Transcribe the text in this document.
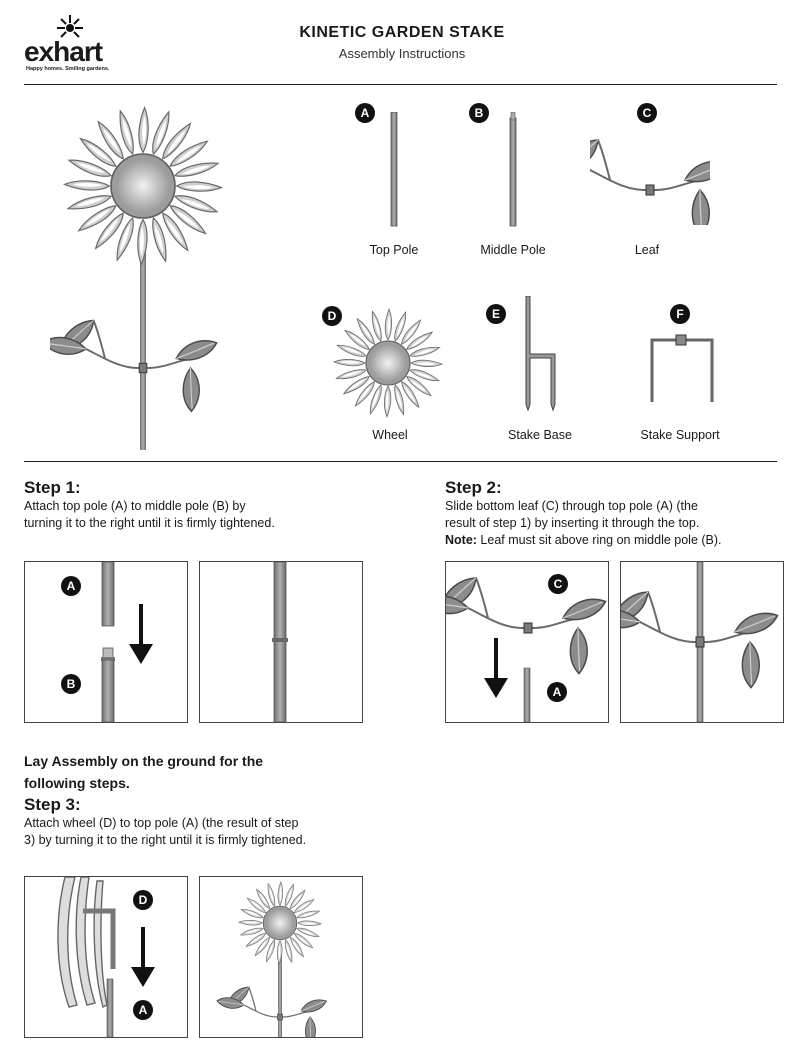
exhart
Happy homes. Smiling gardens.
KINETIC GARDEN STAKE
Assembly Instructions
A
Top Pole
B
Middle Pole
C
Leaf
D
Wheel
E
Stake Base
F
Stake Support
Step 1:
Attach top pole (A) to middle pole (B) by
turning it to the right until it is firmly tightened.
A
B
Step 2:
Slide bottom leaf (C) through top pole (A) (the
result of step 1) by inserting it through the top.
Note: Leaf must sit above ring on middle pole (B).
C
A
Lay Assembly on the ground for the
following steps.
Step 3:
Attach wheel (D) to top pole (A) (the result of step
3) by turning it to the right until it is firmly tightened.
D
A
